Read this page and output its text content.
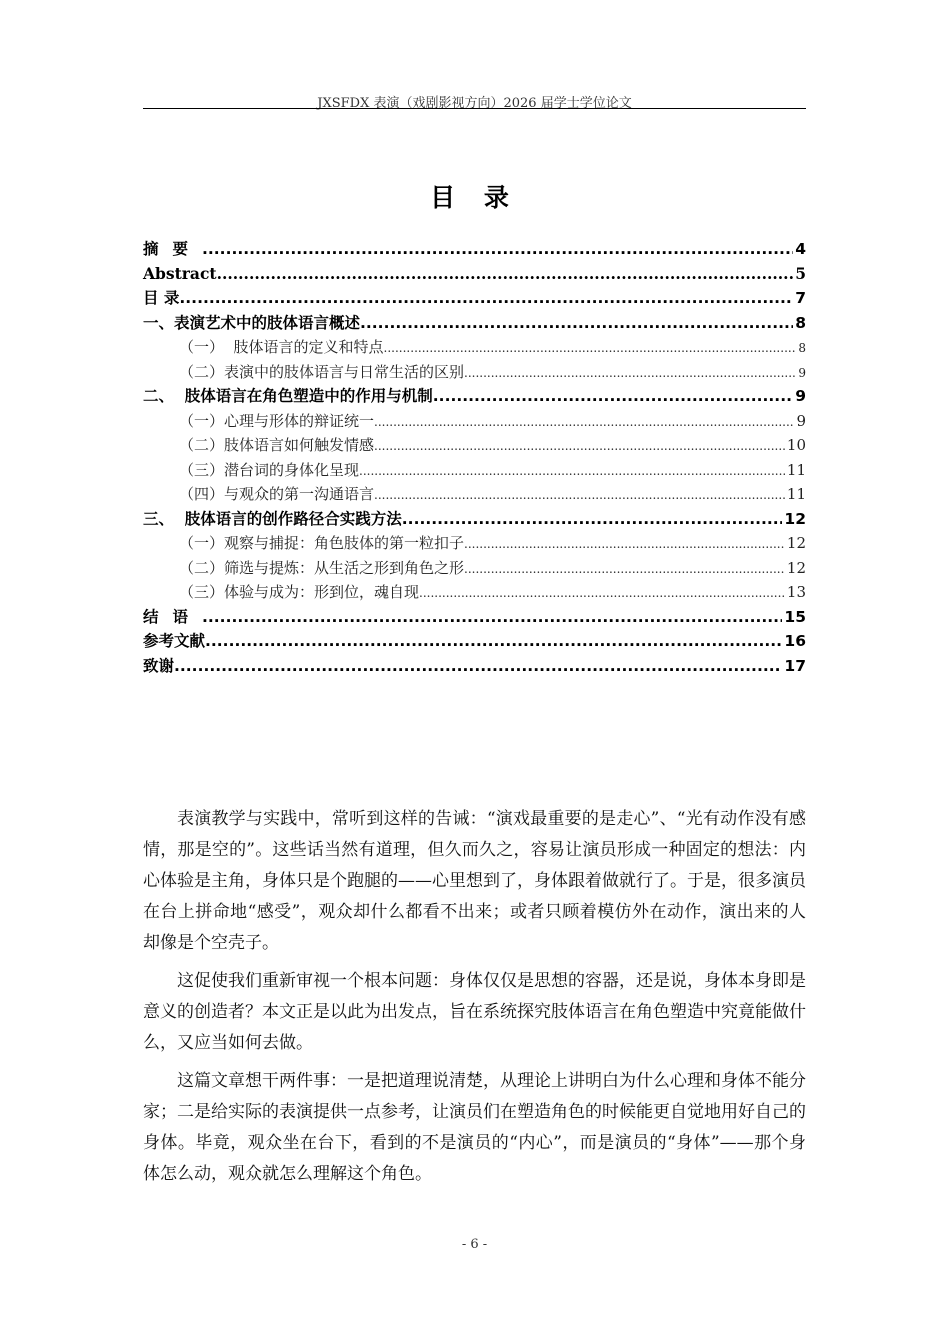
JXSFDX 表演（戏剧影视方向）2026 届学士学位论文
目 录
摘要 .....	4
Abstract .....	5
目 录 .....	7
一、表演艺术中的肢体语言概述 .....	8
（一）  肢体语言的定义和特点 .....	8
（二）表演中的肢体语言与日常生活的区别 .....	9
二、  肢体语言在角色塑造中的作用与机制 .....	9
（一）心理与形体的辩证统一 .....	9
（二）肢体语言如何触发情感 .....	10
（三）潜台词的身体化呈现 .....	11
（四）与观众的第一沟通语言 .....	11
三、  肢体语言的创作路径合实践方法 .....	12
（一）观察与捕捉：角色肢体的第一粒扣子 .....	12
（二）筛选与提炼：从生活之形到角色之形 .....	12
（三）体验与成为：形到位，魂自现 .....	13
结语 .....	15
参考文献 .....	16
致谢 .....	17

表演教学与实践中，常听到这样的告诫：“演戏最重要的是走心”、“光有动作没有感情，那是空的”。这些话当然有道理，但久而久之，容易让演员形成一种固定的想法：内心体验是主角，身体只是个跑腿的——心里想到了，身体跟着做就行了。于是，很多演员在台上拼命地“感受”，观众却什么都看不出来；或者只顾着模仿外在动作，演出来的人却像是个空壳子。

这促使我们重新审视一个根本问题：身体仅仅是思想的容器，还是说，身体本身即是意义的创造者？本文正是以此为出发点，旨在系统探究肢体语言在角色塑造中究竟能做什么，又应当如何去做。

这篇文章想干两件事：一是把道理说清楚，从理论上讲明白为什么心理和身体不能分家；二是给实际的表演提供一点参考，让演员们在塑造角色的时候能更自觉地用好自己的身体。毕竟，观众坐在台下，看到的不是演员的“内心”，而是演员的“身体”——那个身体怎么动，观众就怎么理解这个角色。

- 6 -
